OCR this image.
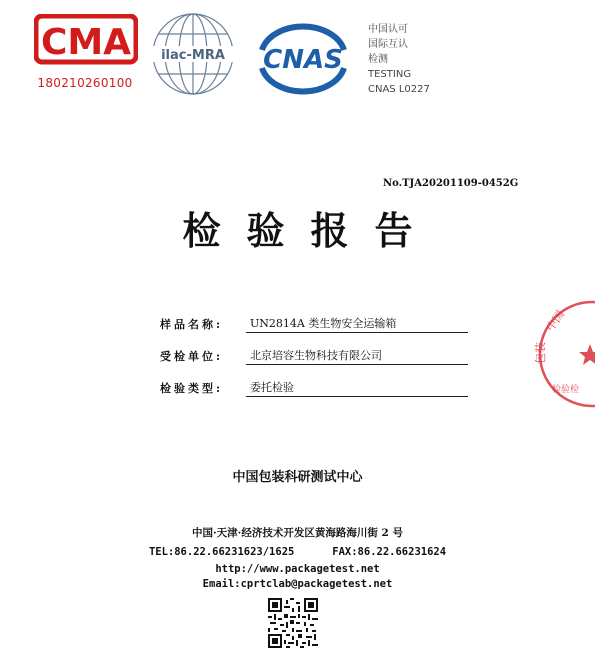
CMA
180210260100
ilac-MRA CNAS
中国认可
国际互认
检测
TESTING
CNAS L0227
No.TJA20201109-0452G
检验报告
样品名称:	UN2814A 类生物安全运输箱
受检单位:	北京培容生物科技有限公司
检验类型:	委托检验
中国包装科研测试中心
中国·天津·经济技术开发区黄海路海川街 2 号
TEL:86.22.66231623/1625      FAX:86.22.66231624
http://www.packagetest.net
Email:cprtclab@packagetest.net
中国
包装
检验检
